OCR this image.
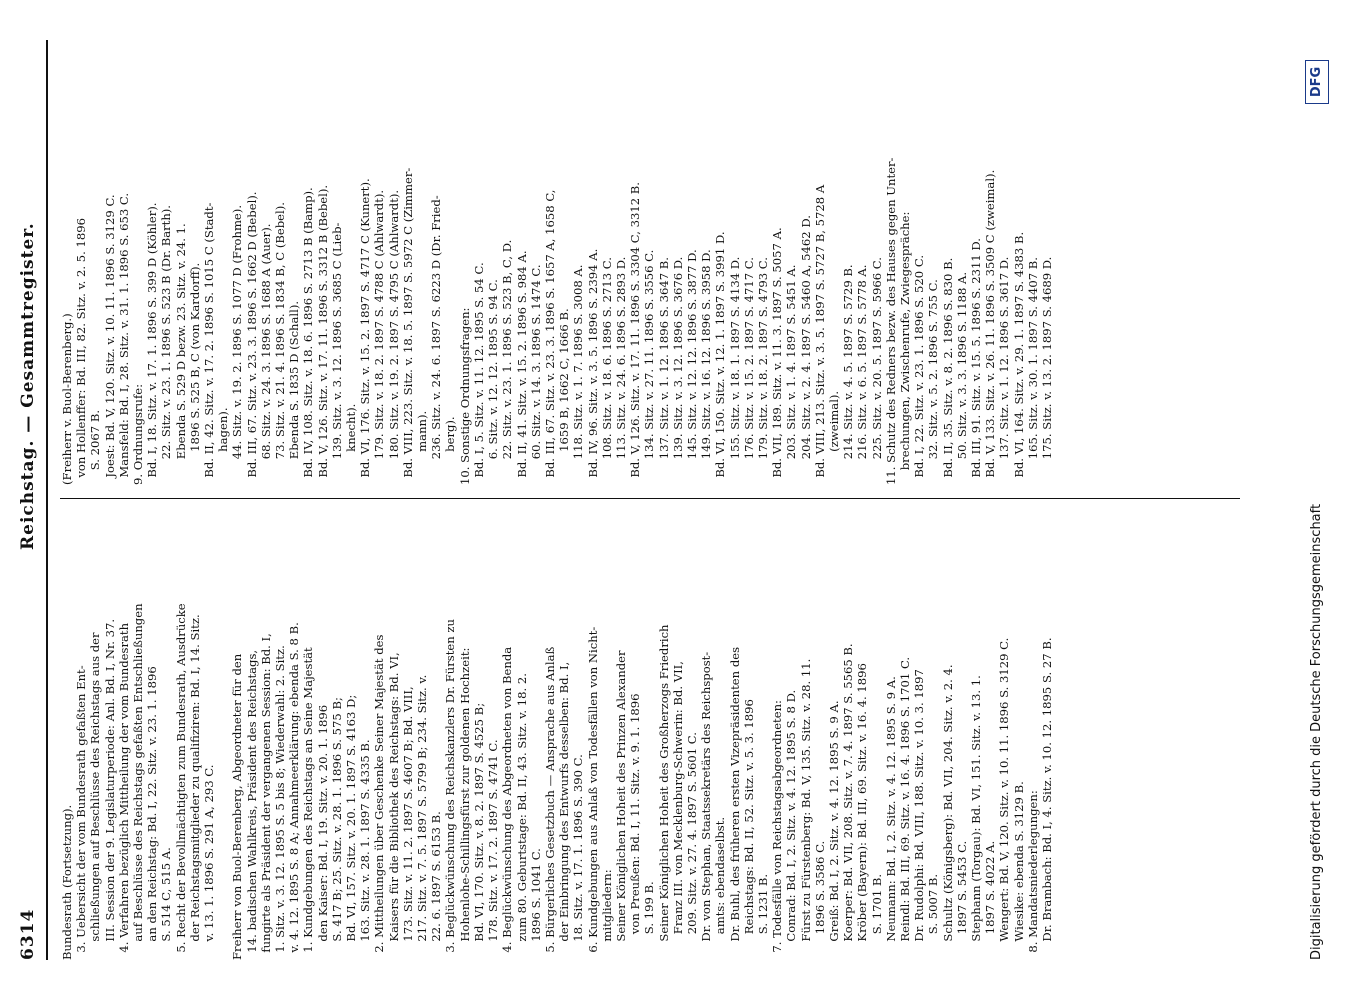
6314
Reichstag. — Gesammtregister.
Bundesrath (Fortsetzung). 3. Uebersicht der vom Bundesrath gefaßten Ent- schließungen auf Beschlüsse des Reichstags aus der III. Session der 9. Legislaturperiode: Anl. Bd. I, Nr. 37. 4. Verfahren bezüglich Mittheilung der vom Bundesrath auf Beschlüsse des Reichstags gefaßten Entschließungen an den Reichstag: Bd. I, 22. Sitz. v. 23. 1. 1896 S. 514 C, 515 A. 5. Recht der Bevollmächtigten zum Bundesrath, Ausdrücke der Reichstagsmitglieder zu qualifiziren: Bd. I, 14. Sitz. v. 13. 1. 1896 S. 291 A, 293 C.
Freiherr von Buol-Berenberg, Abgeordneter für den 14. badischen Wahlkreis, Präsident des Reichstags, fungirte als Präsident der vergangenen Session: Bd. I, 1. Sitz. v. 3. 12. 1895 S. 5 bis 8; Wiederwahl: 2. Sitz. v. 4. 12. 1895 S. 8 A; Annahmeerklärung: ebenda S. 8 B. 1. Kundgebungen des Reichstags an Seine Majestät den Kaiser: Bd. I, 19. Sitz. v. 20. 1. 1896 S. 417 B; 25. Sitz. v. 28. 1. 1896 S. 575 B; Bd. VI, 157. Sitz. v. 20. 1. 1897 S. 4163 D; 163. Sitz. v. 28. 1. 1897 S. 4335 B. 2. Mittheilungen über Geschenke Seiner Majestät des Kaisers für die Bibliothek des Reichstags: Bd. VI, 173. Sitz. v. 11. 2. 1897 S. 4607 B; Bd. VIII, 217. Sitz. v. 7. 5. 1897 S. 5799 B; 234. Sitz. v. 22. 6. 1897 S. 6153 B. 3. Beglückwünschung des Reichskanzlers Dr. Fürsten zu Hohenlohe-Schillingsfürst zur goldenen Hochzeit: Bd. VI, 170. Sitz. v. 8. 2. 1897 S. 4525 B; 178. Sitz. v. 17. 2. 1897 S. 4741 C. 4. Beglückwünschung des Abgeordneten von Benda zum 80. Geburtstage: Bd. II, 43. Sitz. v. 18. 2. 1896 S. 1041 C. 5. Bürgerliches Gesetzbuch — Ansprache aus Anlaß der Einbringung des Entwurfs desselben: Bd. I, 18. Sitz. v. 17. 1. 1896 S. 390 C. 6. Kundgebungen aus Anlaß von Todesfällen von Nicht- mitgliedern: Seiner Königlichen Hoheit des Prinzen Alexander von Preußen: Bd. I, 11. Sitz. v. 9. 1. 1896 S. 199 B. Seiner Königlichen Hoheit des Großherzogs Friedrich Franz III. von Mecklenburg-Schwerin: Bd. VII, 209. Sitz. v. 27. 4. 1897 S. 5601 C. Dr. von Stephan, Staatssekretärs des Reichspost- amts: ebendaselbst. Dr. Buhl, des früheren ersten Vizepräsidenten des Reichstags: Bd. II, 52. Sitz. v. 5. 3. 1896 S. 1231 B. 7. Todesfälle von Reichstagsabgeordneten: Conrad: Bd. I, 2. Sitz. v. 4. 12. 1895 S. 8 D. Fürst zu Fürstenberg: Bd. V, 135. Sitz. v. 28. 11. 1896 S. 3586 C. Greiß: Bd. I, 2. Sitz. v. 4. 12. 1895 S. 9 A. Koerper: Bd. VII, 208. Sitz. v. 7. 4. 1897 S. 5565 B. Kröber (Bayern): Bd. III, 69. Sitz. v. 16. 4. 1896 S. 1701 B. Neumann: Bd. I, 2. Sitz. v. 4. 12. 1895 S. 9 A. Reindl: Bd. III, 69. Sitz. v. 16. 4. 1896 S. 1701 C. Dr. Rudolphi: Bd. VIII, 188. Sitz. v. 10. 3. 1897 S. 5007 B. Schultz (Königsberg): Bd. VII, 204. Sitz. v. 2. 4. 1897 S. 5453 C. Stephann (Torgau): Bd. VI, 151. Sitz. v. 13. 1. 1897 S. 4022 A. Wengert: Bd. V, 120. Sitz. v. 10. 11. 1896 S. 3129 C. Wiesike: ebenda S. 3129 B. 8. Mandatsniederlegungen: Dr. Brambach: Bd. I, 4. Sitz. v. 10. 12. 1895 S. 27 B.
(Freiherr v. Buol-Berenberg.) von Hollenffer: Bd. III, 82. Sitz. v. 2. 5. 1896 S. 2067 B. Joest: Bd. V, 120. Sitz. v. 10. 11. 1896 S. 3129 C. Mansfeld: Bd. I, 28. Sitz. v. 31. 1. 1896 S. 653 C. 9. Ordnungsrufe: Bd. I, 18. Sitz. v. 17. 1. 1896 S. 399 D (Köhler). 22. Sitz. v. 23. 1. 1896 S. 523 B (Dr. Barth). Ebenda S. 529 D bezw. 23. Sitz. v. 24. 1. 1896 S. 525 B, C (von Kardorff). Bd. II, 42. Sitz. v. 17. 2. 1896 S. 1015 C (Stadt- hagen). 44. Sitz. v. 19. 2. 1896 S. 1077 D (Frohme). Bd. III, 67. Sitz. v. 23. 3. 1896 S. 1662 D (Bebel). 68. Sitz. v. 24. 3. 1896 S. 1688 A (Auer). 73. Sitz. v. 21. 4. 1896 S. 1834 B, C (Bebel). Ebenda S. 1835 D (Schall). Bd. IV, 108. Sitz. v. 18. 6. 1896 S. 2713 B (Bamp). Bd. V, 126. Sitz. v. 17. 11. 1896 S. 3312 B (Bebel). 139. Sitz. v. 3. 12. 1896 S. 3685 C (Lieb- knecht). Bd. VI, 176. Sitz. v. 15. 2. 1897 S. 4717 C (Kunert). 179. Sitz. v. 18. 2. 1897 S. 4788 C (Ahlwardt). 180. Sitz. v. 19. 2. 1897 S. 4795 C (Ahlwardt). Bd. VIII, 223. Sitz. v. 18. 5. 1897 S. 5972 C (Zimmer- mann). 236. Sitz. v. 24. 6. 1897 S. 6223 D (Dr. Fried- berg). 10. Sonstige Ordnungsfragen: Bd. I, 5. Sitz. v. 11. 12. 1895 S. 54 C. 6. Sitz. v. 12. 12. 1895 S. 94 C. 22. Sitz. v. 23. 1. 1896 S. 523 B, C, D. Bd. II, 41. Sitz. v. 15. 2. 1896 S. 984 A. 60. Sitz. v. 14. 3. 1896 S. 1474 C. Bd. III, 67. Sitz. v. 23. 3. 1896 S. 1657 A, 1658 C, 1659 B, 1662 C, 1666 B. 118. Sitz. v. 1. 7. 1896 S. 3008 A. Bd. IV, 96. Sitz. v. 3. 5. 1896 S. 2394 A. 108. Sitz. v. 18. 6. 1896 S. 2713 C. 113. Sitz. v. 24. 6. 1896 S. 2893 D. Bd. V, 126. Sitz. v. 17. 11. 1896 S. 3304 C, 3312 B. 134. Sitz. v. 27. 11. 1896 S. 3556 C. 137. Sitz. v. 1. 12. 1896 S. 3647 B. 139. Sitz. v. 3. 12. 1896 S. 3676 D. 145. Sitz. v. 12. 12. 1896 S. 3877 D. 149. Sitz. v. 16. 12. 1896 S. 3958 D. Bd. VI, 150. Sitz. v. 12. 1. 1897 S. 3991 D. 155. Sitz. v. 18. 1. 1897 S. 4134 D. 176. Sitz. v. 15. 2. 1897 S. 4717 C. 179. Sitz. v. 18. 2. 1897 S. 4793 C. Bd. VII, 189. Sitz. v. 11. 3. 1897 S. 5057 A. 203. Sitz. v. 1. 4. 1897 S. 5451 A. 204. Sitz. v. 2. 4. 1897 S. 5460 A, 5462 D. Bd. VIII, 213. Sitz. v. 3. 5. 1897 S. 5727 B, 5728 A (zweimal). 214. Sitz. v. 4. 5. 1897 S. 5729 B. 216. Sitz. v. 6. 5. 1897 S. 5778 A. 225. Sitz. v. 20. 5. 1897 S. 5966 C. 11. Schutz des Redners bezw. des Hauses gegen Unter- brechungen, Zwischenrufe, Zwiegespräche: Bd. I, 22. Sitz. v. 23. 1. 1896 S. 520 C. 32. Sitz. v. 5. 2. 1896 S. 755 C. Bd. II, 35. Sitz. v. 8. 2. 1896 S. 830 B. 50. Sitz. v. 3. 3. 1896 S. 1188 A. Bd. III, 91. Sitz. v. 15. 5. 1896 S. 2311 D. Bd. V, 133. Sitz. v. 26. 11. 1896 S. 3509 C (zweimal). 137. Sitz. v. 1. 12. 1896 S. 3617 D. Bd. VI, 164. Sitz. v. 29. 1. 1897 S. 4383 B. 165. Sitz. v. 30. 1. 1897 S. 4407 B. 175. Sitz. v. 13. 2. 1897 S. 4689 D.
Digitalisierung gefördert durch die Deutsche Forschungsgemeinschaft
DFG
